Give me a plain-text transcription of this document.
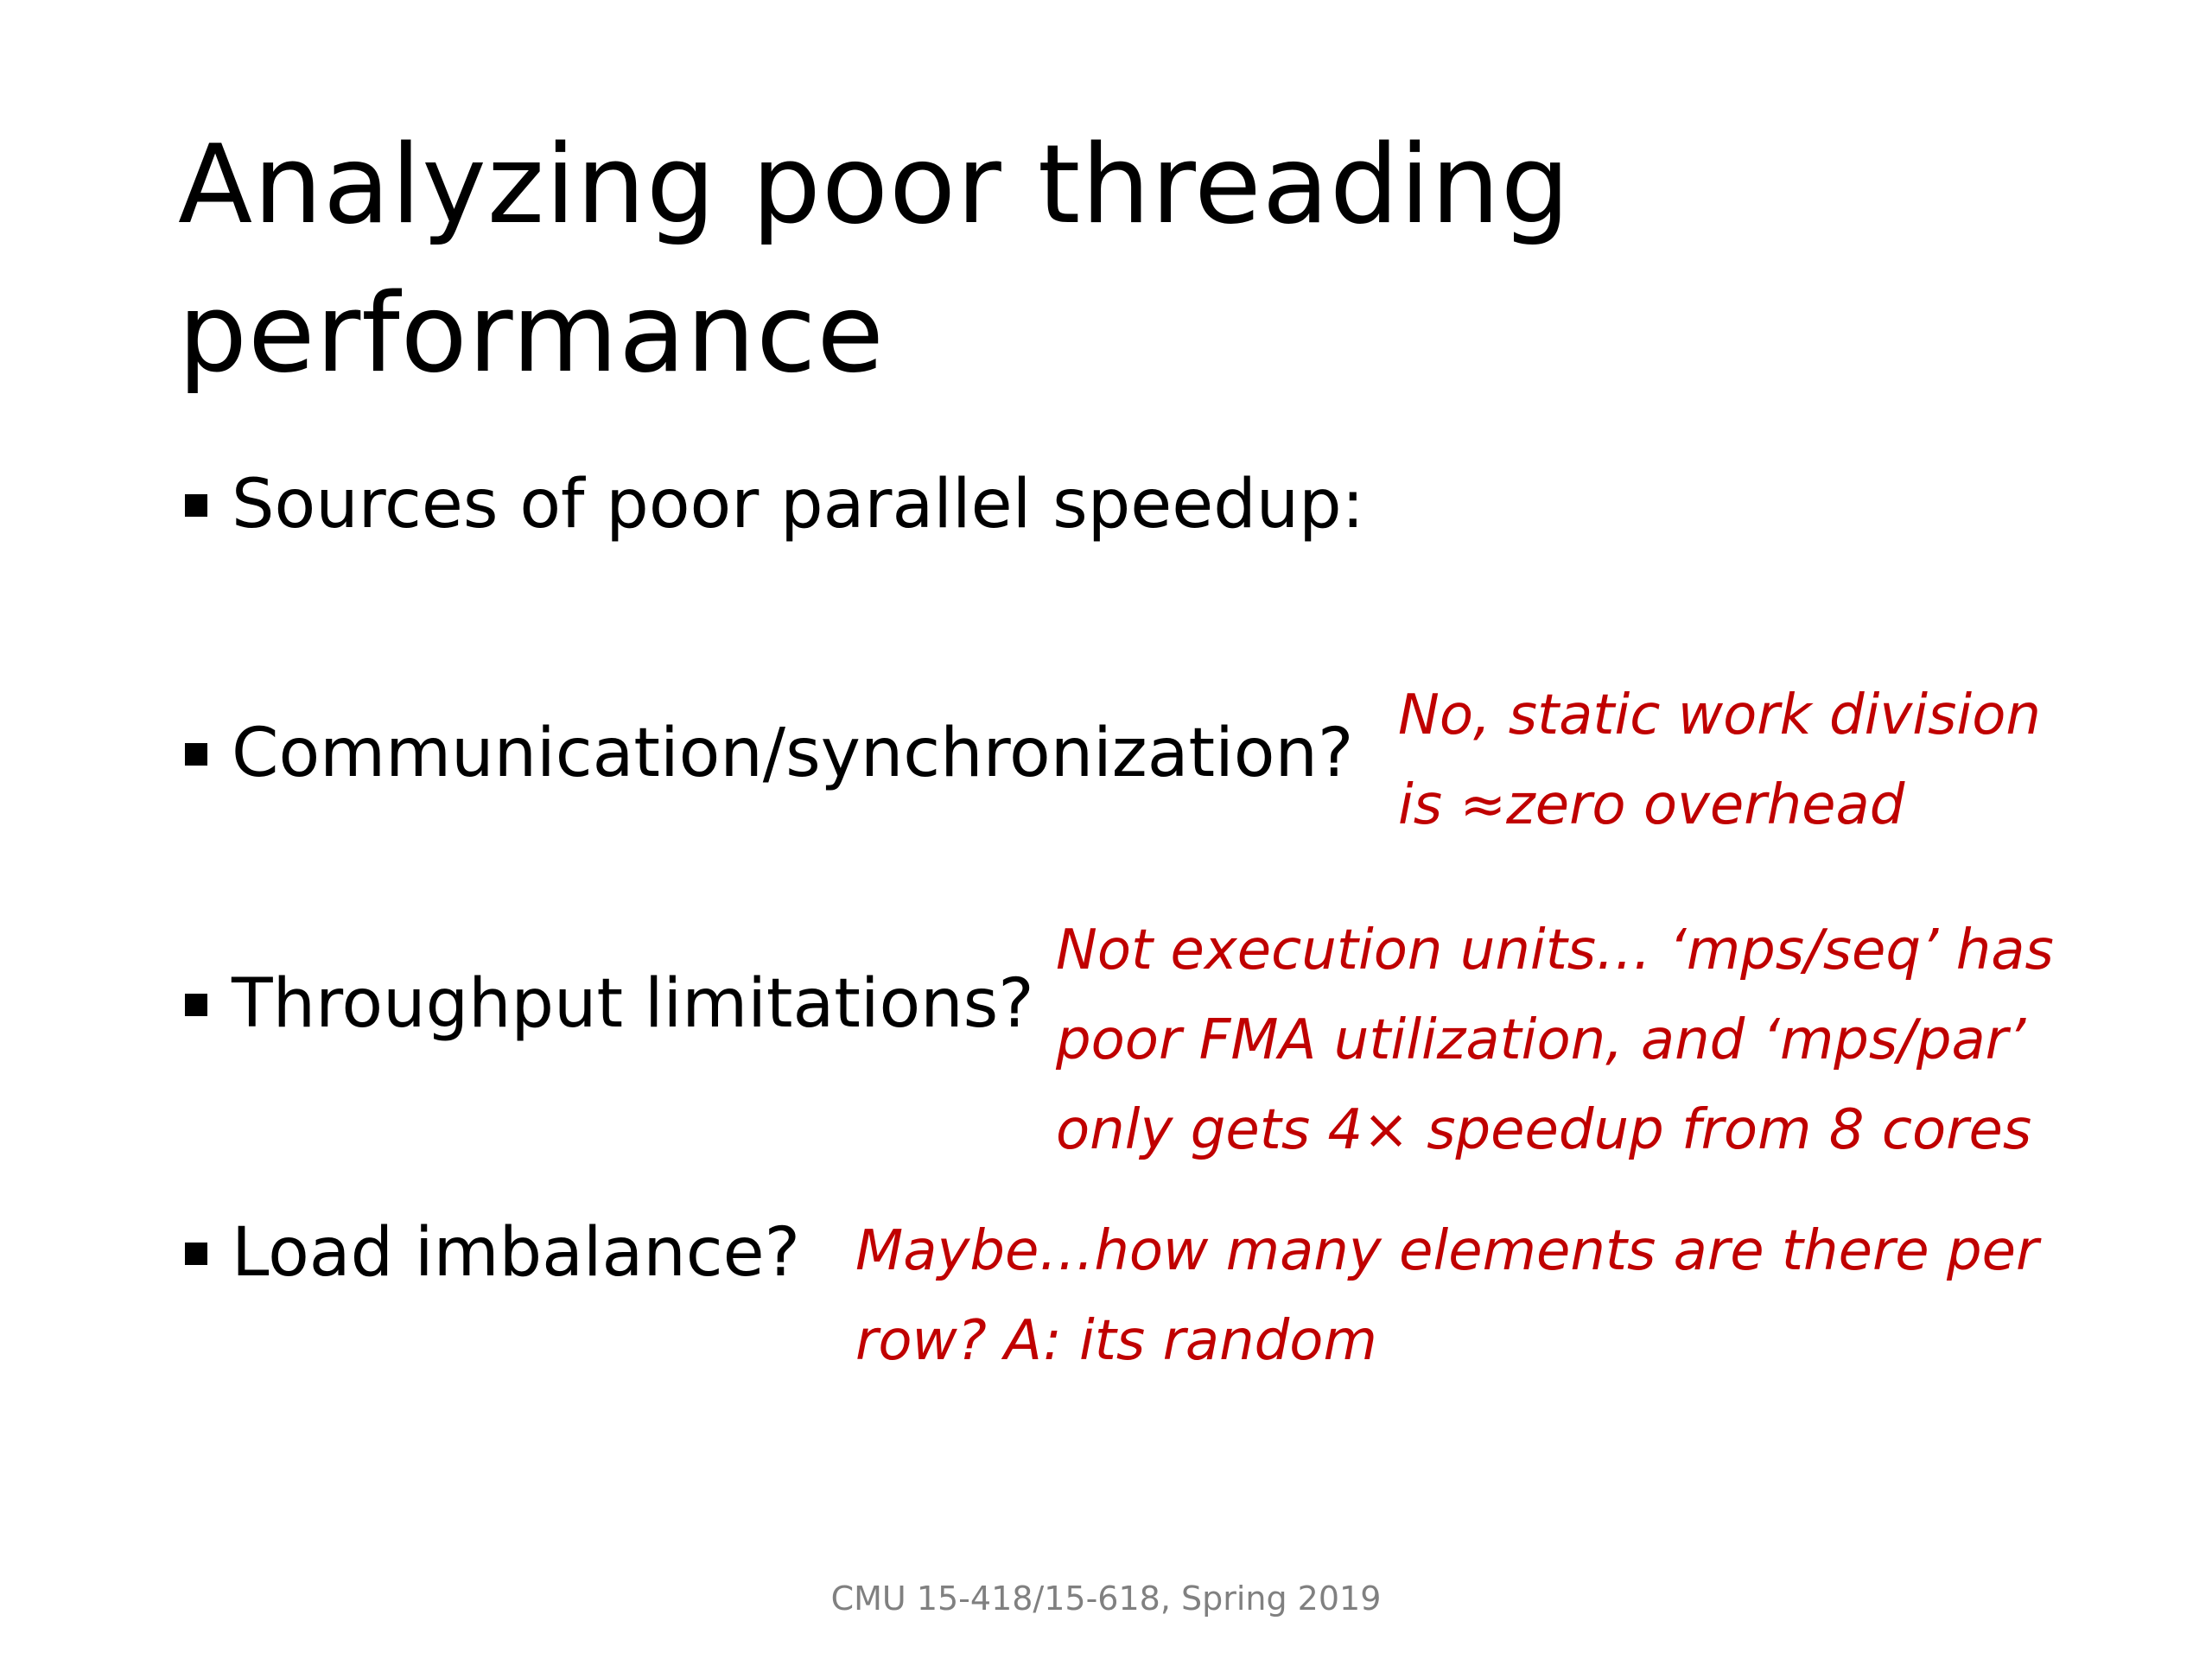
Analyzing poor threading
performance
Sources of poor parallel speedup:
Communication/synchronization? No, static work division
is ≈zero overhead
Throughput limitations?
Not execution units… ‘mps/seq’ has
poor FMA utilization, and ‘mps/par’
only gets 4× speedup from 8 cores
Load imbalance? Maybe…how many elements are there per
row? A: its random
CMU 15-418/15-618, Spring 2019
